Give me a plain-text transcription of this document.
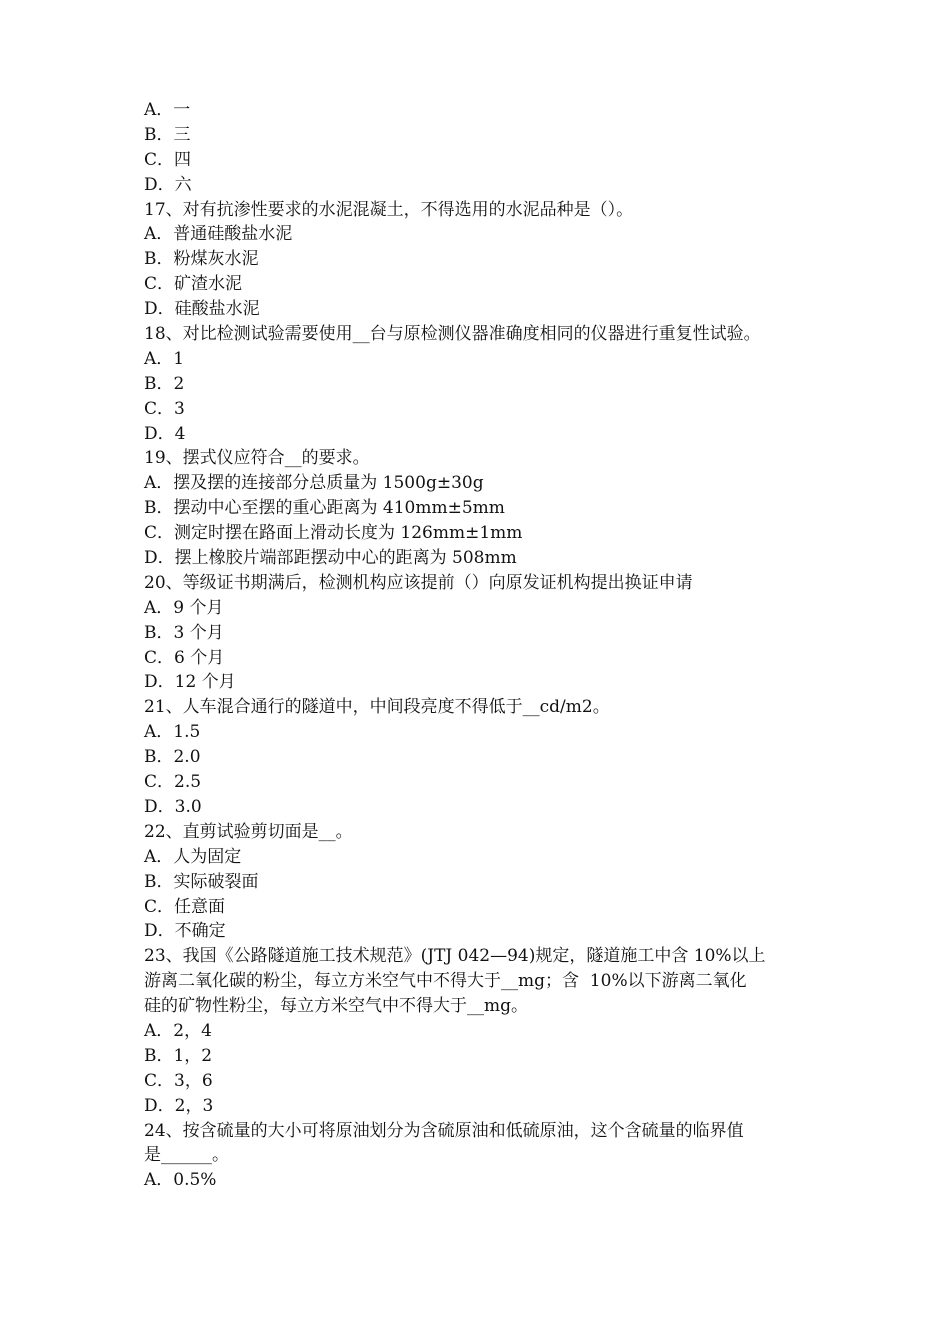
A．一
B．三
C．四
D．六
17、对有抗渗性要求的水泥混凝土，不得选用的水泥品种是（）。
A．普通硅酸盐水泥
B．粉煤灰水泥
C．矿渣水泥
D．硅酸盐水泥
18、对比检测试验需要使用__台与原检测仪器准确度相同的仪器进行重复性试验。
A．1
B．2
C．3
D．4
19、摆式仪应符合__的要求。
A．摆及摆的连接部分总质量为 1500g±30g
B．摆动中心至摆的重心距离为 410mm±5mm
C．测定时摆在路面上滑动长度为 126mm±1mm
D．摆上橡胶片端部距摆动中心的距离为 508mm
20、等级证书期满后，检测机构应该提前（）向原发证机构提出换证申请
A．9 个月
B．3 个月
C．6 个月
D．12 个月
21、人车混合通行的隧道中，中间段亮度不得低于__cd/m2。
A．1.5
B．2.0
C．2.5
D．3.0
22、直剪试验剪切面是__。
A．人为固定
B．实际破裂面
C．任意面
D．不确定
23、我国《公路隧道施工技术规范》(JTJ 042—94)规定，隧道施工中含 10%以上
游离二氧化碳的粉尘，每立方米空气中不得大于__mg；含  10%以下游离二氧化
硅的矿物性粉尘，每立方米空气中不得大于__mg。
A．2，4
B．1，2
C．3，6
D．2，3
24、按含硫量的大小可将原油划分为含硫原油和低硫原油，这个含硫量的临界值
是______。
A．0.5%
